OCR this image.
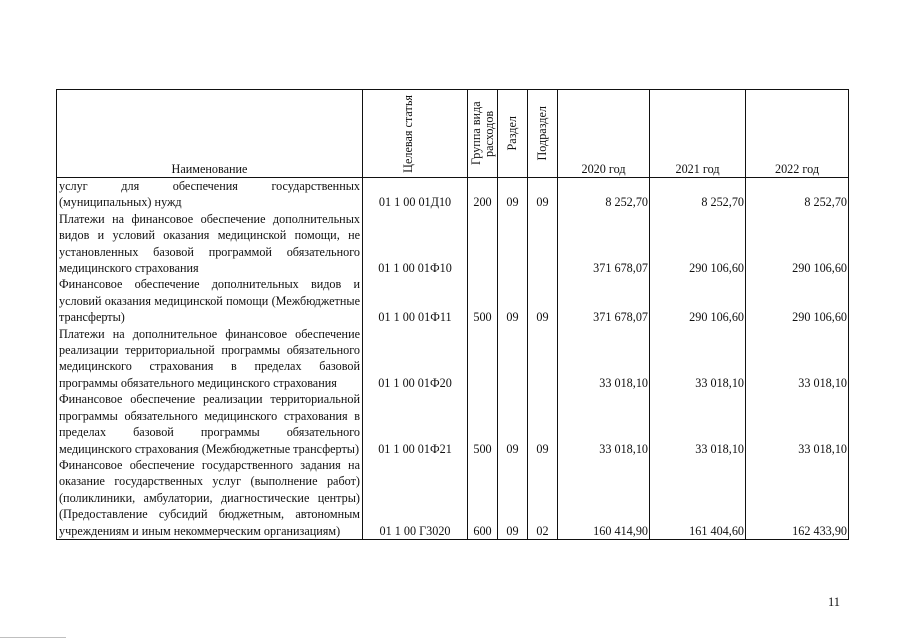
Наименование	Целевая статья	Группа вида расходов	Раздел	Подраздел	2020 год	2021 год	2022 год
услуг для обеспечения государственных (муниципальных) нужд	01 1 00 01Д10	200	09	09	8 252,70	8 252,70	8 252,70
Платежи на финансовое обеспечение дополнительных видов и условий оказания медицинской помощи, не установленных базовой программой обязательного медицинского страхования	01 1 00 01Ф10				371 678,07	290 106,60	290 106,60
Финансовое обеспечение дополнительных видов и условий оказания медицинской помощи (Межбюджетные трансферты)	01 1 00 01Ф11	500	09	09	371 678,07	290 106,60	290 106,60
Платежи на дополнительное финансовое обеспечение реализации территориальной программы обязательного медицинского страхования в пределах базовой программы обязательного медицинского страхования	01 1 00 01Ф20				33 018,10	33 018,10	33 018,10
Финансовое обеспечение реализации территориальной программы обязательного медицинского страхования в пределах базовой программы обязательного медицинского страхования (Межбюджетные трансферты)	01 1 00 01Ф21	500	09	09	33 018,10	33 018,10	33 018,10
Финансовое обеспечение государственного задания на оказание государственных услуг (выполнение работ) (поликлиники, амбулатории, диагностические центры) (Предоставление субсидий бюджетным, автономным учреждениям и иным некоммерческим организациям)	01 1 00 Г3020	600	09	02	160 414,90	161 404,60	162 433,90
11
